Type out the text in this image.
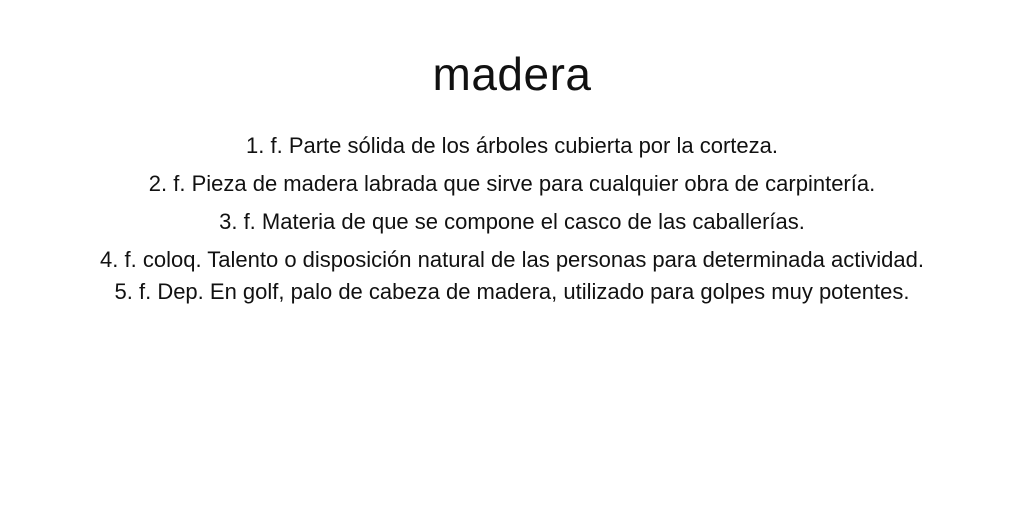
madera
1. f. Parte sólida de los árboles cubierta por la corteza.
2. f. Pieza de madera labrada que sirve para cualquier obra de carpintería.
3. f. Materia de que se compone el casco de las caballerías.
4. f. coloq. Talento o disposición natural de las personas para determinada actividad.
5. f. Dep. En golf, palo de cabeza de madera, utilizado para golpes muy potentes.
